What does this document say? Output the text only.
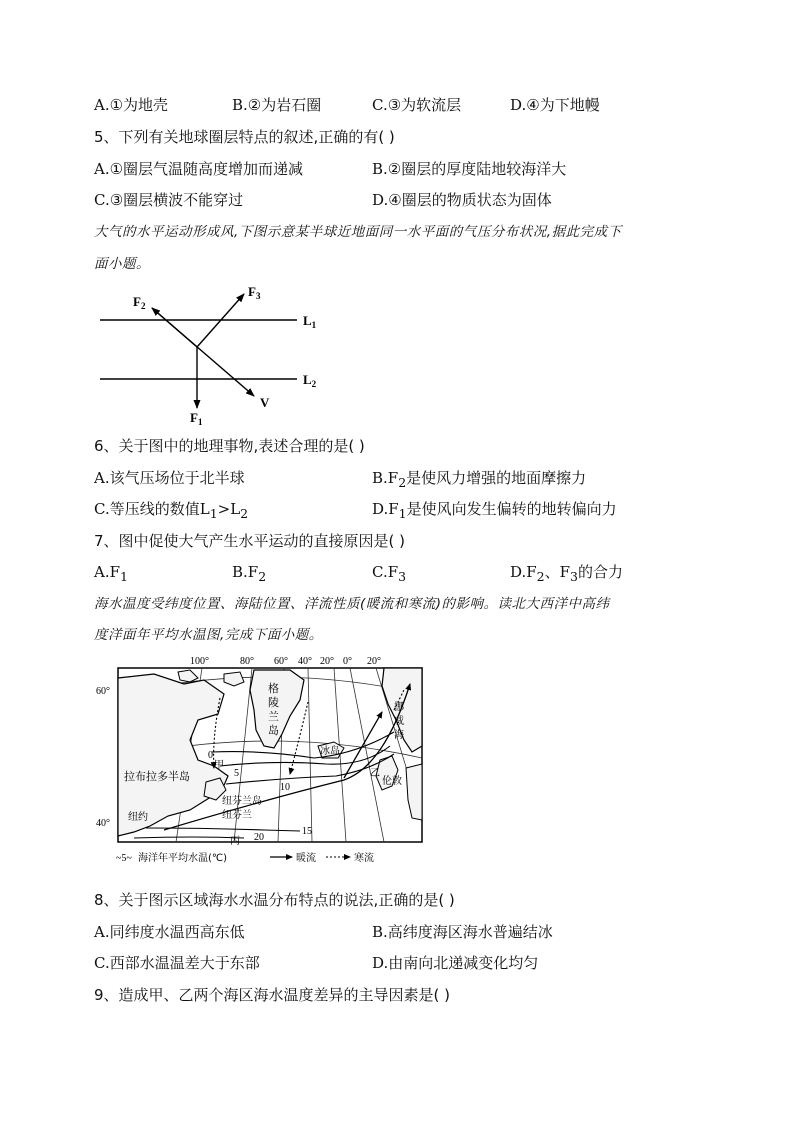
A.①为地壳	B.②为岩石圈	C.③为软流层	D.④为下地幔
5、下列有关地球圈层特点的叙述,正确的有( )
A.①圈层气温随高度增加而递减	B.②圈层的厚度陆地较海洋大
C.③圈层横波不能穿过	D.④圈层的物质状态为固体
大气的水平运动形成风,下图示意某半球近地面同一水平面的气压分布状况,据此完成下
面小题。
$L_1$
$L_2$
$F_1$
$F_2$
$F_3$
V
6、关于图中的地理事物,表述合理的是( )
A.该气压场位于北半球	$B.F_2$是使风力增强的地面摩擦力
C.等压线的数值$L_1>L_2$	$D.F_1$是使风向发生偏转的地转偏向力
7、图中促使大气产生水平运动的直接原因是( )
$A.F_1$	$B.F_2$	$C.F_3$	$D.F_2$、$F_3$的合力
海水温度受纬度位置、海陆位置、洋流性质(暖流和寒流)的影响。读北大西洋中高纬
度洋面年平均水温图,完成下面小题。
100°	80° 60° 40° 20° 0° 20°
60°
40°
格
陵
兰
岛
冰岛
挪
威
海
拉布拉多半岛
纽芬兰岛
纽芬兰
纽约
伦敦
甲
乙
丙
0
5
10
15
20
~5~ 海洋年平均水温(℃)	暖流	寒流
8、关于图示区域海水水温分布特点的说法,正确的是( )
A.同纬度水温西高东低	B.高纬度海区海水普遍结冰
C.西部水温温差大于东部	D.由南向北递减变化均匀
9、造成甲、乙两个海区海水温度差异的主导因素是( )
